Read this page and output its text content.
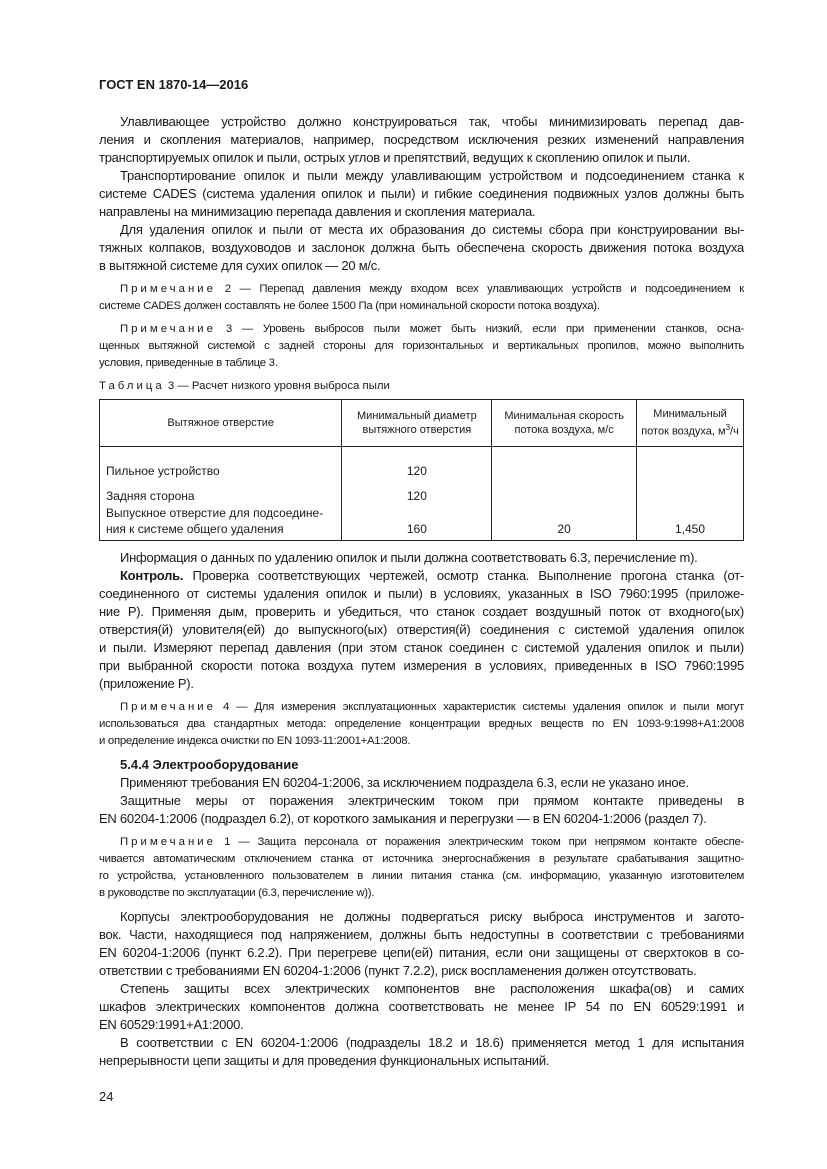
ГОСТ EN 1870-14—2016
Улавливающее устройство должно конструироваться так, чтобы минимизировать перепад дав-
ления и скопления материалов, например, посредством исключения резких изменений направления
транспортируемых опилок и пыли, острых углов и препятствий, ведущих к скоплению опилок и пыли.
Транспортирование опилок и пыли между улавливающим устройством и подсоединением станка к
системе CADES (система удаления опилок и пыли) и гибкие соединения подвижных узлов должны быть
направлены на минимизацию перепада давления и скопления материала.
Для удаления опилок и пыли от места их образования до системы сбора при конструировании вы-
тяжных колпаков, воздуховодов и заслонок должна быть обеспечена скорость движения потока воздуха
в вытяжной системе для сухих опилок — 20 м/с.
Примечание 2 — Перепад давления между входом всех улавливающих устройств и подсоединением к
системе CADES должен составлять не более 1500 Па (при номинальной скорости потока воздуха).
Примечание 3 — Уровень выбросов пыли может быть низкий, если при применении станков, осна-
щенных вытяжной системой с задней стороны для горизонтальных и вертикальных пропилов, можно выполнить
условия, приведенные в таблице 3.
Таблица 3 — Расчет низкого уровня выброса пыли
Вытяжное отверстие	Минимальный диаметр вытяжного отверстия	Минимальная скорость потока воздуха, м/с	Минимальный поток воздуха, $м^3/ч$
Пильное устройство	120		
Задняя сторона	120		

Выпускное отверстие для подсоедине-
ния к системе общего удаления	160	20	1,450
Информация о данных по удалению опилок и пыли должна соответствовать 6.3, перечисление m).
Контроль. Проверка соответствующих чертежей, осмотр станка. Выполнение прогона станка (от-
соединенного от системы удаления опилок и пыли) в условиях, указанных в ISO 7960:1995 (приложе-
ние P). Применяя дым, проверить и убедиться, что станок создает воздушный поток от входного(ых)
отверстия(й) уловителя(ей) до выпускного(ых) отверстия(й) соединения с системой удаления опилок
и пыли. Измеряют перепад давления (при этом станок соединен с системой удаления опилок и пыли)
при выбранной скорости потока воздуха путем измерения в условиях, приведенных в ISO 7960:1995
(приложение P).
Примечание 4 — Для измерения эксплуатационных характеристик системы удаления опилок и пыли могут
использоваться два стандартных метода: определение концентрации вредных веществ по EN 1093-9:1998+A1:2008
и определение индекса очистки по EN 1093-11:2001+A1:2008.
5.4.4 Электрооборудование
Применяют требования EN 60204-1:2006, за исключением подраздела 6.3, если не указано иное.
Защитные меры от поражения электрическим током при прямом контакте приведены в
EN 60204-1:2006 (подраздел 6.2), от короткого замыкания и перегрузки — в EN 60204-1:2006 (раздел 7).
Примечание 1 — Защита персонала от поражения электрическим током при непрямом контакте обеспе-
чивается автоматическим отключением станка от источника энергоснабжения в результате срабатывания защитно-
го устройства, установленного пользователем в линии питания станка (см. информацию, указанную изготовителем
в руководстве по эксплуатации (6.3, перечисление w)).
Корпусы электрооборудования не должны подвергаться риску выброса инструментов и загото-
вок. Части, находящиеся под напряжением, должны быть недоступны в соответствии с требованиями
EN 60204-1:2006 (пункт 6.2.2). При перегреве цепи(ей) питания, если они защищены от сверхтоков в со-
ответствии с требованиями EN 60204-1:2006 (пункт 7.2.2), риск воспламенения должен отсутствовать.
Степень защиты всех электрических компонентов вне расположения шкафа(ов) и самих
шкафов электрических компонентов должна соответствовать не менее IP 54 по EN 60529:1991 и
EN 60529:1991+A1:2000.
В соответствии с EN 60204-1:2006 (подразделы 18.2 и 18.6) применяется метод 1 для испытания
непрерывности цепи защиты и для проведения функциональных испытаний.
24
